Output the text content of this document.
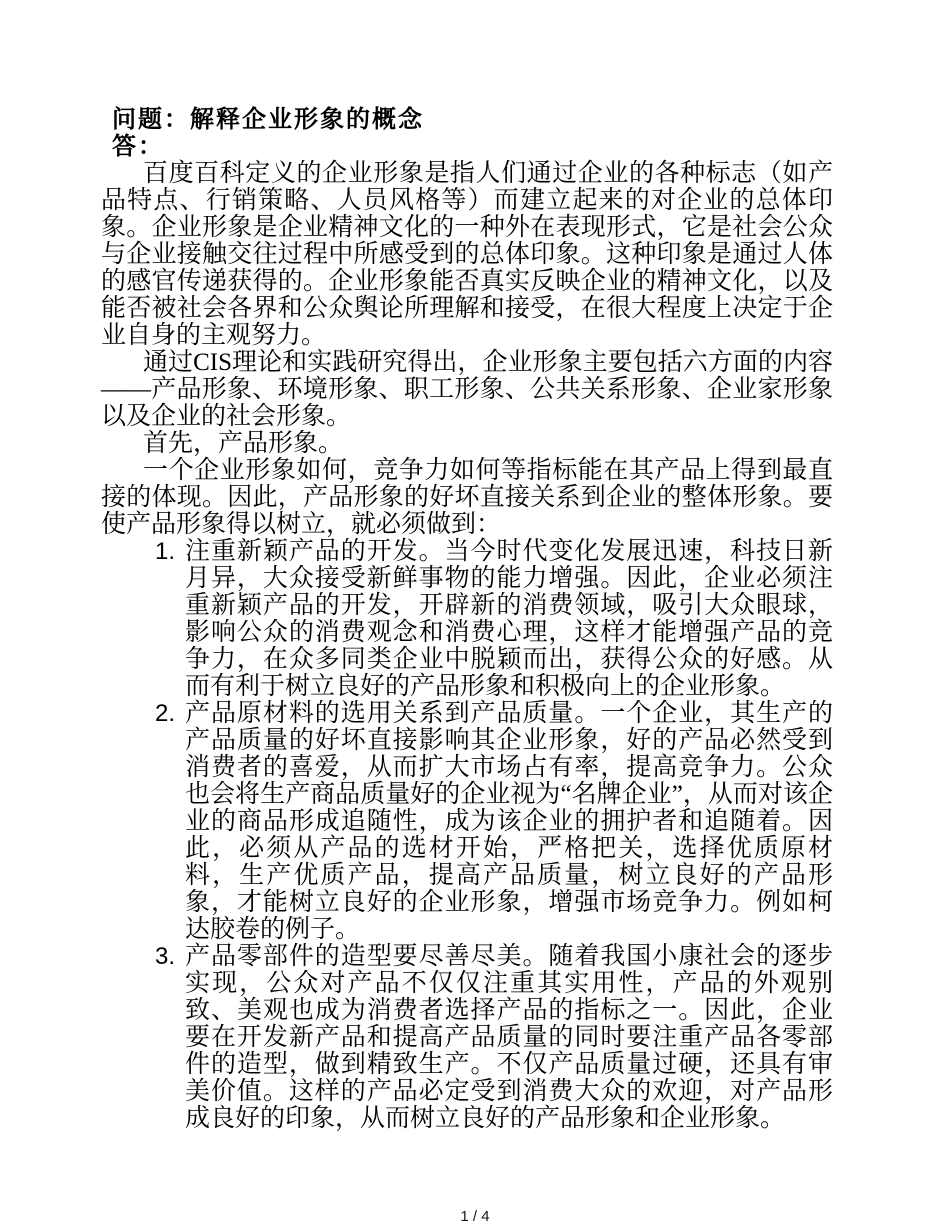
问题：解释企业形象的概念
答：

百度百科定义的企业形象是指人们通过企业的各种标志（如产品特点、行销策略、人员风格等）而建立起来的对企业的总体印象。企业形象是企业精神文化的一种外在表现形式，它是社会公众与企业接触交往过程中所感受到的总体印象。这种印象是通过人体的感官传递获得的。企业形象能否真实反映企业的精神文化，以及能否被社会各界和公众舆论所理解和接受，在很大程度上决定于企业自身的主观努力。

通过CIS理论和实践研究得出，企业形象主要包括六方面的内容——产品形象、环境形象、职工形象、公共关系形象、企业家形象以及企业的社会形象。

首先，产品形象。

一个企业形象如何，竞争力如何等指标能在其产品上得到最直接的体现。因此，产品形象的好坏直接关系到企业的整体形象。要使产品形象得以树立，就必须做到：

1. 注重新颖产品的开发。当今时代变化发展迅速，科技日新月异，大众接受新鲜事物的能力增强。因此，企业必须注重新颖产品的开发，开辟新的消费领域，吸引大众眼球，影响公众的消费观念和消费心理，这样才能增强产品的竞争力，在众多同类企业中脱颖而出，获得公众的好感。从而有利于树立良好的产品形象和积极向上的企业形象。
2. 产品原材料的选用关系到产品质量。一个企业，其生产的产品质量的好坏直接影响其企业形象，好的产品必然受到消费者的喜爱，从而扩大市场占有率，提高竞争力。公众也会将生产商品质量好的企业视为“名牌企业”，从而对该企业的商品形成追随性，成为该企业的拥护者和追随着。因此，必须从产品的选材开始，严格把关，选择优质原材料，生产优质产品，提高产品质量，树立良好的产品形象，才能树立良好的企业形象，增强市场竞争力。例如柯达胶卷的例子。
3. 产品零部件的造型要尽善尽美。随着我国小康社会的逐步实现，公众对产品不仅仅注重其实用性，产品的外观别致、美观也成为消费者选择产品的指标之一。因此，企业要在开发新产品和提高产品质量的同时要注重产品各零部件的造型，做到精致生产。不仅产品质量过硬，还具有审美价值。这样的产品必定受到消费大众的欢迎，对产品形成良好的印象，从而树立良好的产品形象和企业形象。
1 / 4
